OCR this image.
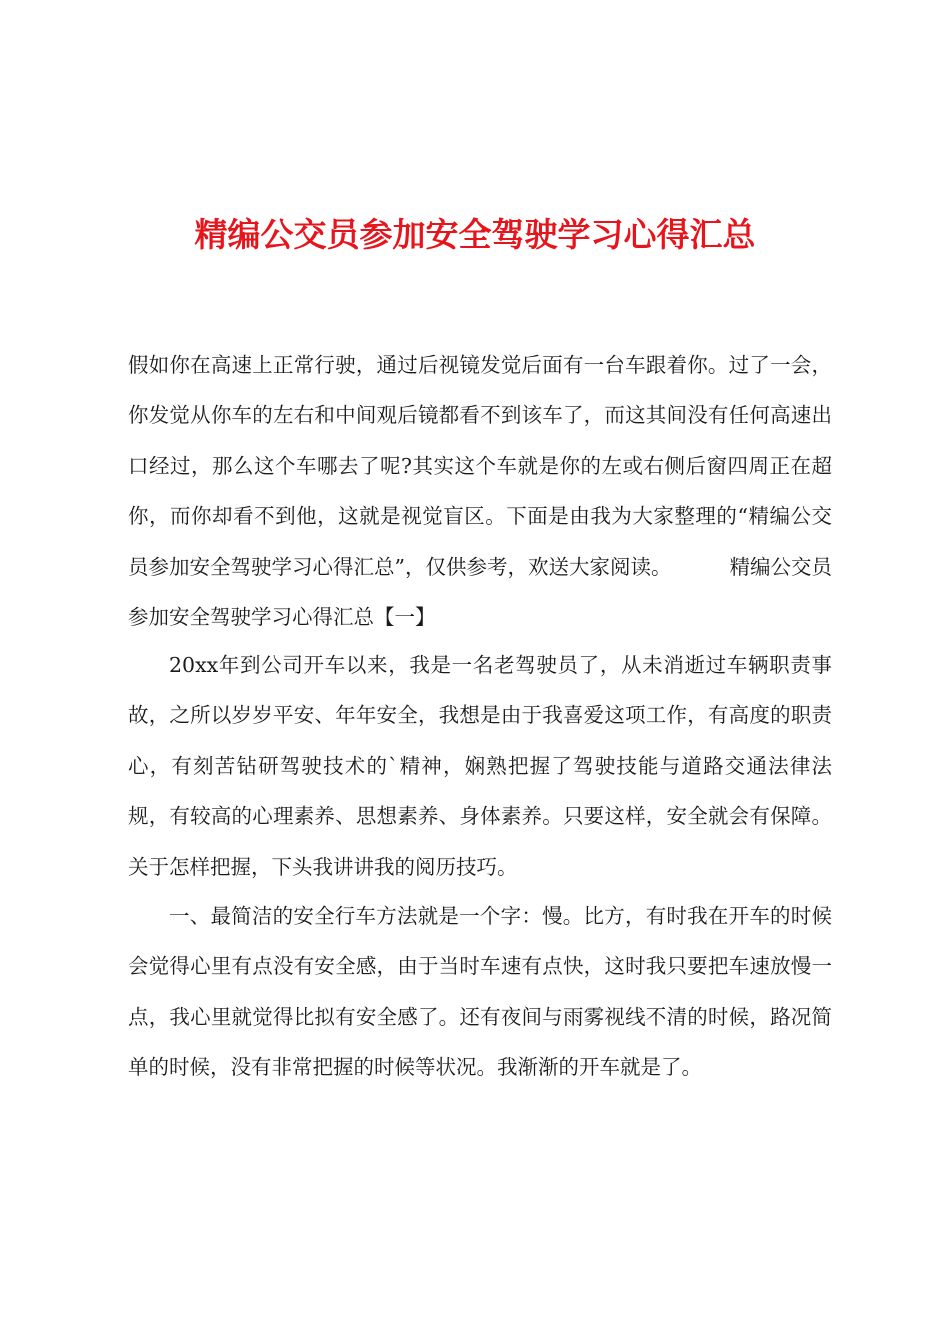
精编公交员参加安全驾驶学习心得汇总

假如你在高速上正常行驶，通过后视镜发觉后面有一台车跟着你。过了一会，你发觉从你车的左右和中间观后镜都看不到该车了，而这其间没有任何高速出口经过，那么这个车哪去了呢?其实这个车就是你的左或右侧后窗四周正在超你，而你却看不到他，这就是视觉盲区。下面是由我为大家整理的“精编公交员参加安全驾驶学习心得汇总”，仅供参考，欢送大家阅读。	精编公交员参加安全驾驶学习心得汇总【一】

20xx年到公司开车以来，我是一名老驾驶员了，从未消逝过车辆职责事故，之所以岁岁平安、年年安全，我想是由于我喜爱这项工作，有高度的职责心，有刻苦钻研驾驶技术的`精神，娴熟把握了驾驶技能与道路交通法律法规，有较高的心理素养、思想素养、身体素养。只要这样，安全就会有保障。关于怎样把握，下头我讲讲我的阅历技巧。

一、最简洁的安全行车方法就是一个字：慢。比方，有时我在开车的时候会觉得心里有点没有安全感，由于当时车速有点快，这时我只要把车速放慢一点，我心里就觉得比拟有安全感了。还有夜间与雨雾视线不清的时候，路况简单的时候，没有非常把握的时候等状况。我渐渐的开车就是了。
